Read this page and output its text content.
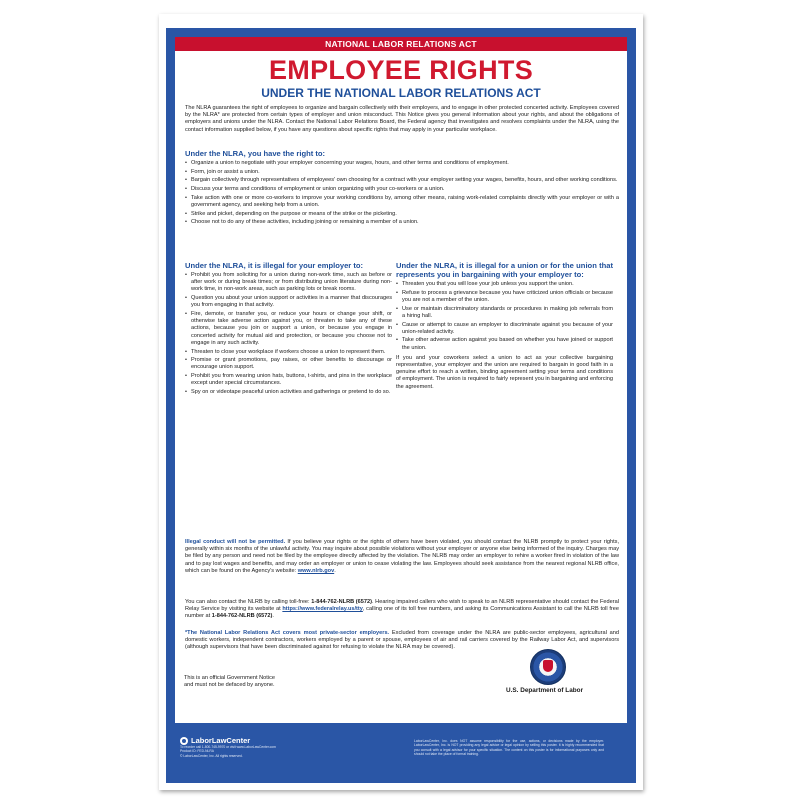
NATIONAL LABOR RELATIONS ACT
EMPLOYEE RIGHTS
UNDER THE NATIONAL LABOR RELATIONS ACT
The NLRA guarantees the right of employees to organize and bargain collectively with their employers, and to engage in other protected concerted activity. Employees covered by the NLRA* are protected from certain types of employer and union misconduct. This Notice gives you general information about your rights, and about the obligations of employers and unions under the NLRA. Contact the National Labor Relations Board, the Federal agency that investigates and resolves complaints under the NLRA, using the contact information supplied below, if you have any questions about specific rights that may apply in your particular workplace.
Under the NLRA, you have the right to:
• Organize a union to negotiate with your employer concerning your wages, hours, and other terms and conditions of employment.
• Form, join or assist a union.
• Bargain collectively through representatives of employees' own choosing for a contract with your employer setting your wages, benefits, hours, and other working conditions.
• Discuss your terms and conditions of employment or union organizing with your co-workers or a union.
• Take action with one or more co-workers to improve your working conditions by, among other means, raising work-related complaints directly with your employer or with a government agency, and seeking help from a union.
• Strike and picket, depending on the purpose or means of the strike or the picketing.
• Choose not to do any of these activities, including joining or remaining a member of a union.
Under the NLRA, it is illegal for your employer to:
• Prohibit you from soliciting for a union during non-work time, such as before or after work or during break times; or from distributing union literature during non-work time, in non-work areas, such as parking lots or break rooms.
• Question you about your union support or activities in a manner that discourages you from engaging in that activity.
• Fire, demote, or transfer you, or reduce your hours or change your shift, or otherwise take adverse action against you, or threaten to take any of these actions, because you join or support a union, or because you engage in concerted activity for mutual aid and protection, or because you choose not to engage in any such activity.
• Threaten to close your workplace if workers choose a union to represent them.
• Promise or grant promotions, pay raises, or other benefits to discourage or encourage union support.
• Prohibit you from wearing union hats, buttons, t-shirts, and pins in the workplace except under special circumstances.
• Spy on or videotape peaceful union activities and gatherings or pretend to do so.
Under the NLRA, it is illegal for a union or for the union that represents you in bargaining with your employer to:
• Threaten you that you will lose your job unless you support the union.
• Refuse to process a grievance because you have criticized union officials or because you are not a member of the union.
• Use or maintain discriminatory standards or procedures in making job referrals from a hiring hall.
• Cause or attempt to cause an employer to discriminate against you because of your union-related activity.
• Take other adverse action against you based on whether you have joined or support the union.
If you and your coworkers select a union to act as your collective bargaining representative, your employer and the union are required to bargain in good faith in a genuine effort to reach a written, binding agreement setting your terms and conditions of employment. The union is required to fairly represent you in bargaining and enforcing the agreement.
Illegal conduct will not be permitted. If you believe your rights or the rights of others have been violated, you should contact the NLRB promptly to protect your rights, generally within six months of the unlawful activity. You may inquire about possible violations without your employer or anyone else being informed of the inquiry. Charges may be filed by any person and need not be filed by the employee directly affected by the violation. The NLRB may order an employer to rehire a worker fired in violation of the law and to pay lost wages and benefits, and may order an employer or union to cease violating the law. Employees should seek assistance from the nearest regional NLRB office, which can be found on the Agency's website: www.nlrb.gov.
You can also contact the NLRB by calling toll-free: 1-844-762-NLRB (6572). Hearing impaired callers who wish to speak to an NLRB representative should contact the Federal Relay Service by visiting its website at https://www.federalrelay.us/tty, calling one of its toll free numbers, and asking its Communications Assistant to call the NLRB toll free number at 1-844-762-NLRB (6572).
*The National Labor Relations Act covers most private-sector employers. Excluded from coverage under the NLRA are public-sector employees, agricultural and domestic workers, independent contractors, workers employed by a parent or spouse, employees of air and rail carriers covered by the Railway Labor Act, and supervisors (although supervisors that have been discriminated against for refusing to violate the NLRA may be covered).
This is an official Government Notice
and must not be defaced by anyone.
U.S. Department of Labor
LaborLawCenter
To reorder call 1-800-745-9970 or visit www.LaborLawCenter.com
Product ID: FED-NLRA
© LaborLawCenter, Inc. All rights reserved.
LaborLawCenter, Inc. does NOT assume responsibility for the use, actions, or decisions made by the employer. LaborLawCenter, Inc. is NOT providing any legal advice or legal opinion by selling this poster. It is highly recommended that you consult with a legal advisor for your specific situation. The content on this poster is for informational purposes only and should not take the place of formal training.
